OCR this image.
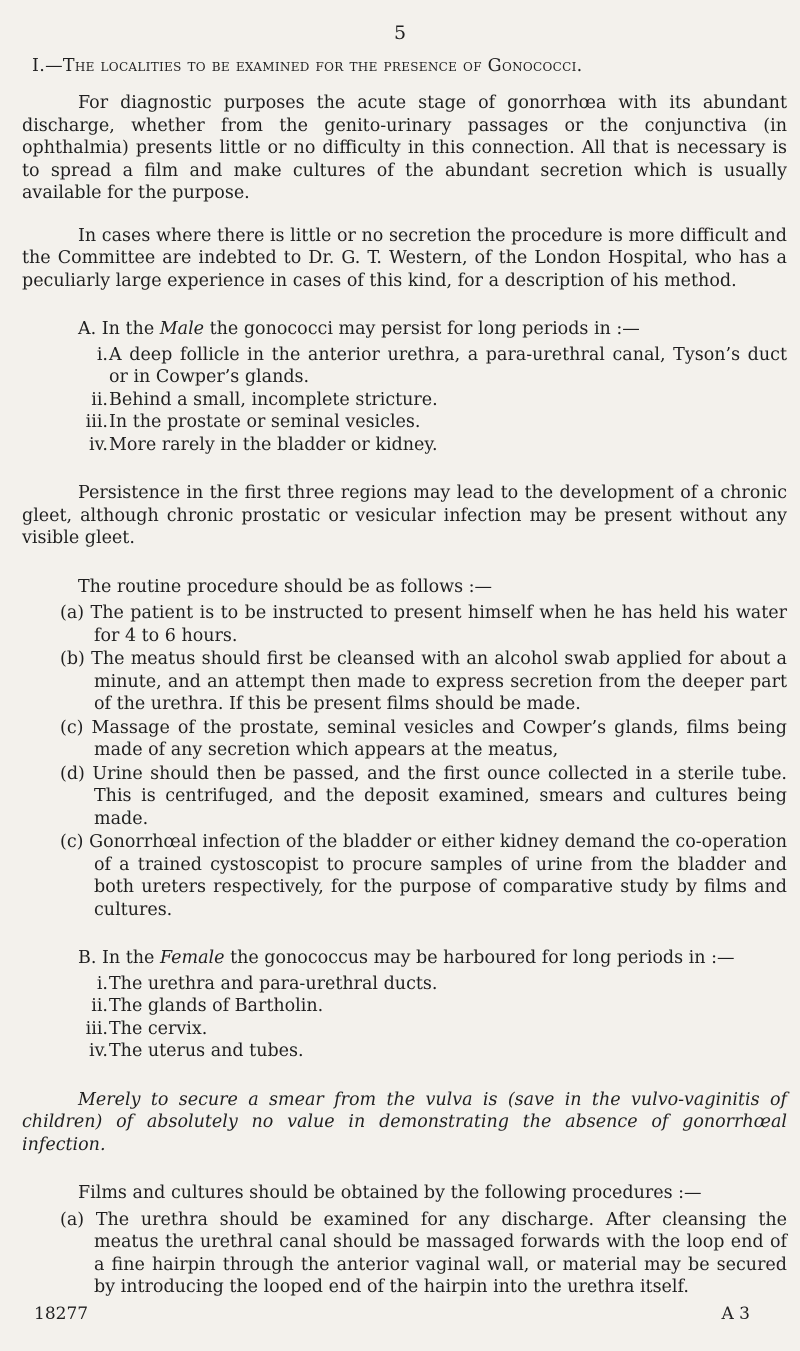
5
I.—The localities to be examined for the presence of Gonococci.

For diagnostic purposes the acute stage of gonorrhœa with its abundant discharge, whether from the genito-urinary passages or the conjunctiva (in ophthalmia) presents little or no difficulty in this connection. All that is necessary is to spread a film and make cultures of the abundant secretion which is usually available for the purpose.

In cases where there is little or no secretion the procedure is more difficult and the Committee are indebted to Dr. G. T. Western, of the London Hospital, who has a peculiarly large experience in cases of this kind, for a description of his method.

A. In the Male the gonococci may persist for long periods in :—

i. A deep follicle in the anterior urethra, a para-urethral canal, Tyson’s duct or in Cowper’s glands.
ii. Behind a small, incomplete stricture.
iii. In the prostate or seminal vesicles.
iv. More rarely in the bladder or kidney.

Persistence in the first three regions may lead to the development of a chronic gleet, although chronic prostatic or vesicular infection may be present without any visible gleet.

The routine procedure should be as follows :—

(a) The patient is to be instructed to present himself when he has held his water for 4 to 6 hours.
(b) The meatus should first be cleansed with an alcohol swab applied for about a minute, and an attempt then made to express secretion from the deeper part of the urethra. If this be present films should be made.
(c) Massage of the prostate, seminal vesicles and Cowper’s glands, films being made of any secretion which appears at the meatus,
(d) Urine should then be passed, and the first ounce collected in a sterile tube. This is centrifuged, and the deposit examined, smears and cultures being made.
(c) Gonorrhœal infection of the bladder or either kidney demand the co-operation of a trained cystoscopist to procure samples of urine from the bladder and both ureters respectively, for the purpose of comparative study by films and cultures.

B. In the Female the gonococcus may be harboured for long periods in :—

i. The urethra and para-urethral ducts.
ii. The glands of Bartholin.
iii. The cervix.
iv. The uterus and tubes.

Merely to secure a smear from the vulva is (save in the vulvo-vaginitis of children) of absolutely no value in demonstrating the absence of gonorrhœal infection.

Films and cultures should be obtained by the following procedures :—

(a) The urethra should be examined for any discharge. After cleansing the meatus the urethral canal should be massaged forwards with the loop end of a fine hairpin through the anterior vaginal wall, or material may be secured by introducing the looped end of the hairpin into the urethra itself.
18277	A 3
